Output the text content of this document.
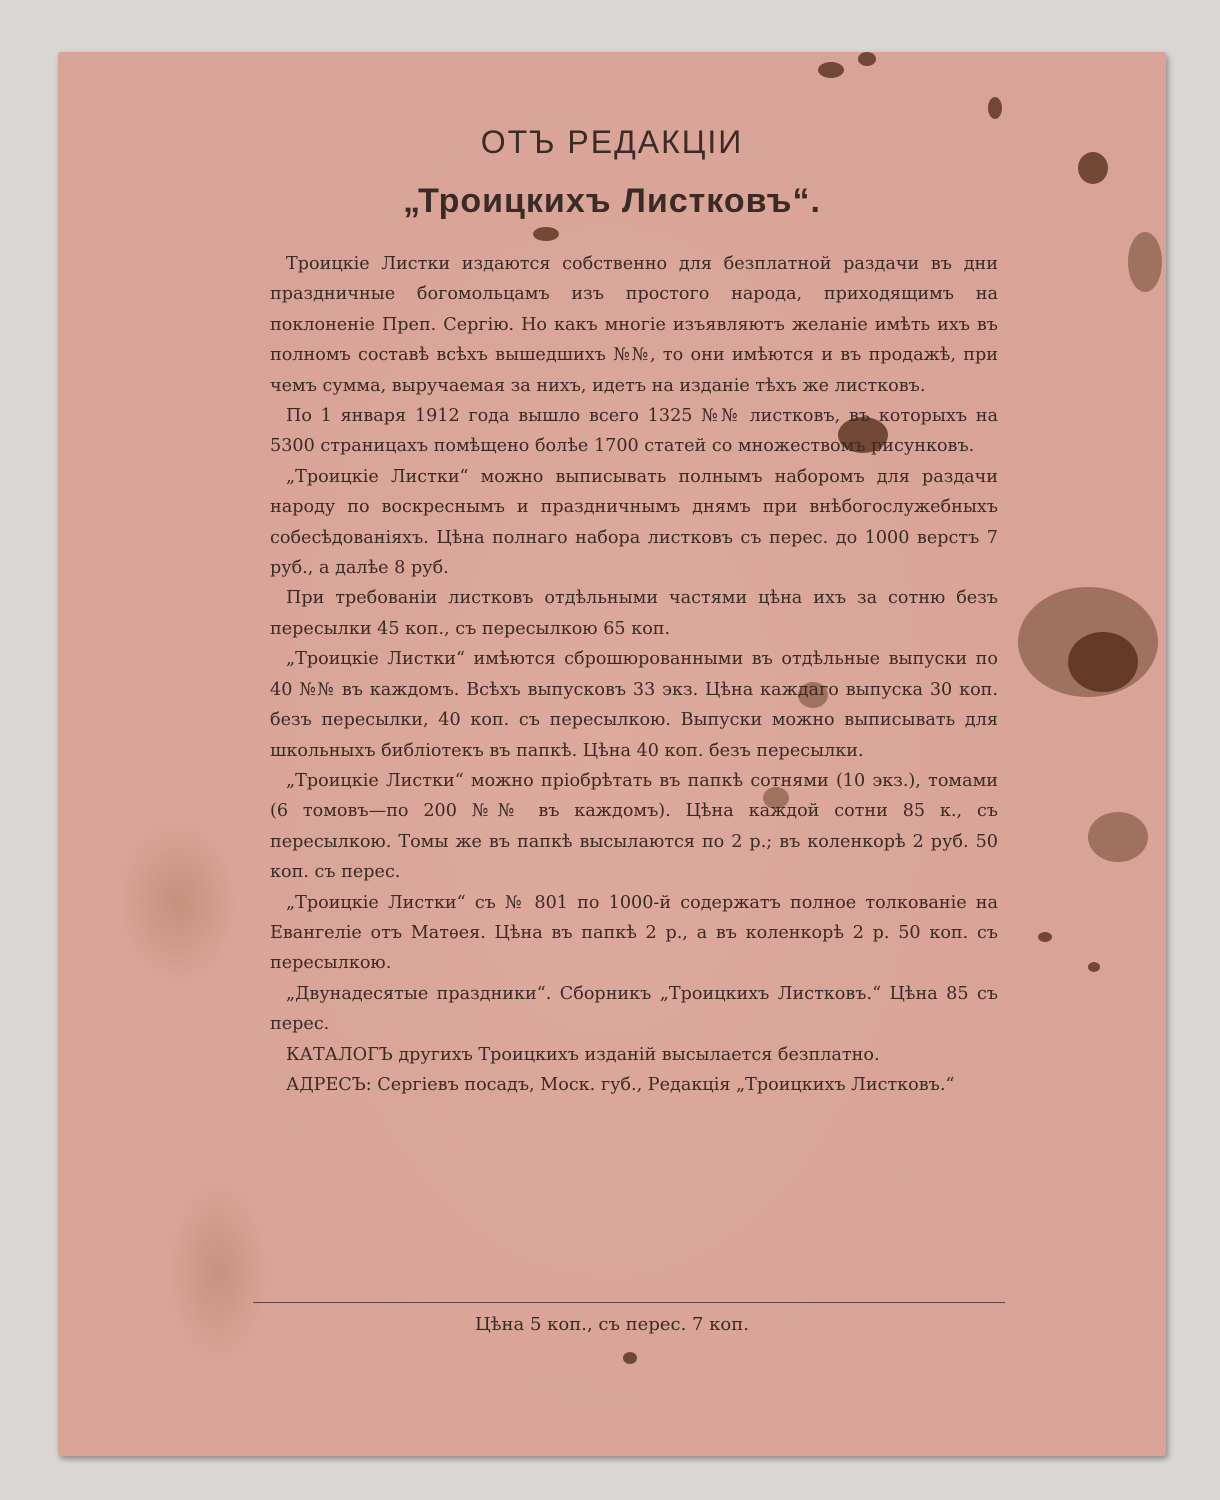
ОТЪ РЕДАКЦІИ
„Троицкихъ Листковъ“.

Троицкіе Листки издаются собственно для безплатной раздачи въ дни праздничные богомольцамъ изъ простого народа, приходящимъ на поклоненіе Преп. Сергію. Но какъ многіе изъявляютъ желаніе имѣть ихъ въ полномъ составѣ всѣхъ вышедшихъ №№, то они имѣются и въ продажѣ, при чемъ сумма, выручаемая за нихъ, идетъ на изданіе тѣхъ же листковъ.

По 1 января 1912 года вышло всего 1325 №№ листковъ, въ которыхъ на 5300 страницахъ помѣщено болѣе 1700 статей со множествомъ рисунковъ.

„Троицкіе Листки“ можно выписывать полнымъ наборомъ для раздачи народу по воскреснымъ и праздничнымъ днямъ при внѣбогослужебныхъ собесѣдованіяхъ. Цѣна полнаго набора листковъ съ перес. до 1000 верстъ 7 руб., а далѣе 8 руб.

При требованіи листковъ отдѣльными частями цѣна ихъ за сотню безъ пересылки 45 коп., съ пересылкою 65 коп.

„Троицкіе Листки“ имѣются сброшюрованными въ отдѣльные выпуски по 40 №№ въ каждомъ. Всѣхъ выпусковъ 33 экз. Цѣна каждаго выпуска 30 коп. безъ пересылки, 40 коп. съ пересылкою. Выпуски можно выписывать для школьныхъ библіотекъ въ папкѣ. Цѣна 40 коп. безъ пересылки.

„Троицкіе Листки“ можно пріобрѣтать въ папкѣ сотнями (10 экз.), томами (6 томовъ—по 200 №№ въ каждомъ). Цѣна каждой сотни 85 к., съ пересылкою. Томы же въ папкѣ высылаются по 2 р.; въ коленкорѣ 2 руб. 50 коп. съ перес.

„Троицкіе Листки“ съ № 801 по 1000-й содержатъ полное толкованіе на Евангеліе отъ Матѳея. Цѣна въ папкѣ 2 р., а въ коленкорѣ 2 р. 50 коп. съ пересылкою.

„Двунадесятые праздники“. Сборникъ „Троицкихъ Листковъ.“ Цѣна 85 съ перес.

КАТАЛОГЪ другихъ Троицкихъ изданій высылается безплатно.

АДРЕСЪ: Сергіевъ посадъ, Моск. губ., Редакція „Троицкихъ Листковъ.“

Цѣна 5 коп., съ перес. 7 коп.
